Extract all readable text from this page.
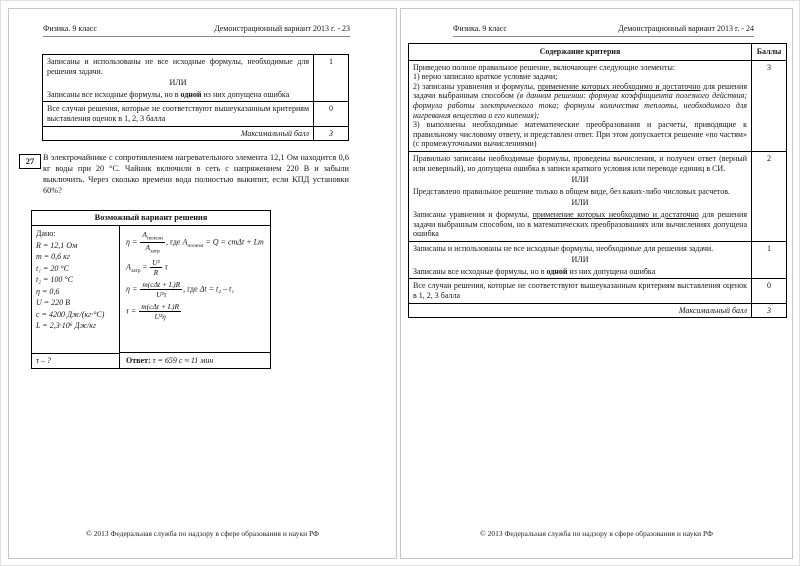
Физика. 9 класс	Демонстрационный вариант 2013 г. - 23
Записаны и использованы не все исходные формулы, необходимые для решения задачи.
ИЛИ
Записаны все исходные формулы, но в одной из них допущена ошибка	1

Все случаи решения, которые не соответствуют вышеуказанным критериям выставления оценок в 1, 2, 3 балла	0
Максимальный балл	3
27	В электрочайнике с сопротивлением нагревательного элемента 12,1 Ом находится 0,6 кг воды при 20 °С. Чайник включили в сеть с напряжением 220 В и забыли выключить. Через сколько времени вода полностью выкипит, если КПД установки 60%?
Возможный вариант решения
Дано:
R = 12,1 Ом
m = 0,6 кг
t₁ = 20 °С
t₂ = 100 °С
η = 0,6
U = 220 В
c = 4200 Дж/(кг·°С)
L = 2,3·10⁶ Дж/кг
τ – ?
$\eta = \frac{A_{полезн}}{A_{затр}}$ , где $A_{полезн} = Q = cm\Delta t + Lm$
$A_{затр} = \frac{\text{U²}}{R}$ τ
$\eta = \frac{\text{m(cΔt + L)R}}{\text{U²τ}}$ , где Δt = t₂ – t₁
$\tau = \frac{\text{m(cΔt + L)R}}{\text{U²η}}$
Ответ: τ = 659 с ≈ 11 мин
© 2013 Федеральная служба по надзору в сфере образования и науки РФ
Физика. 9 класс	Демонстрационный вариант 2013 г. - 24
Содержание критерия	Баллы

Приведено полное правильное решение, включающее следующие элементы:
1) верно записано краткое условие задачи;
2) записаны уравнения и формулы, применение которых необходимо и достаточно для решения задачи выбранным способом (в данном решении: формула коэффициента полезного действия; формула работы электрического тока; формулы количества теплоты, необходимого для нагревания вещества и его кипения);
3) выполнены необходимые математические преобразования и расчеты, приводящие к правильному числовому ответу, и представлен ответ. При этом допускается решение «по частям» (с промежуточными вычислениями)	3

Правильно записаны необходимые формулы, проведены вычисления, и получен ответ (верный или неверный), но допущена ошибка в записи краткого условия или переводе единиц в СИ.
ИЛИ
Представлено правильное решение только в общем виде, без каких-либо числовых расчетов.
ИЛИ
Записаны уравнения и формулы, применение которых необходимо и достаточно для решения задачи выбранным способом, но в математических преобразованиях или вычислениях допущена ошибка	2

Записаны и использованы не все исходные формулы, необходимые для решения задачи.
ИЛИ
Записаны все исходные формулы, но в одной из них допущена ошибка	1

Все случаи решения, которые не соответствуют вышеуказанным критериям выставления оценок в 1, 2, 3 балла	0
Максимальный балл	3
© 2013 Федеральная служба по надзору в сфере образования и науки РФ
